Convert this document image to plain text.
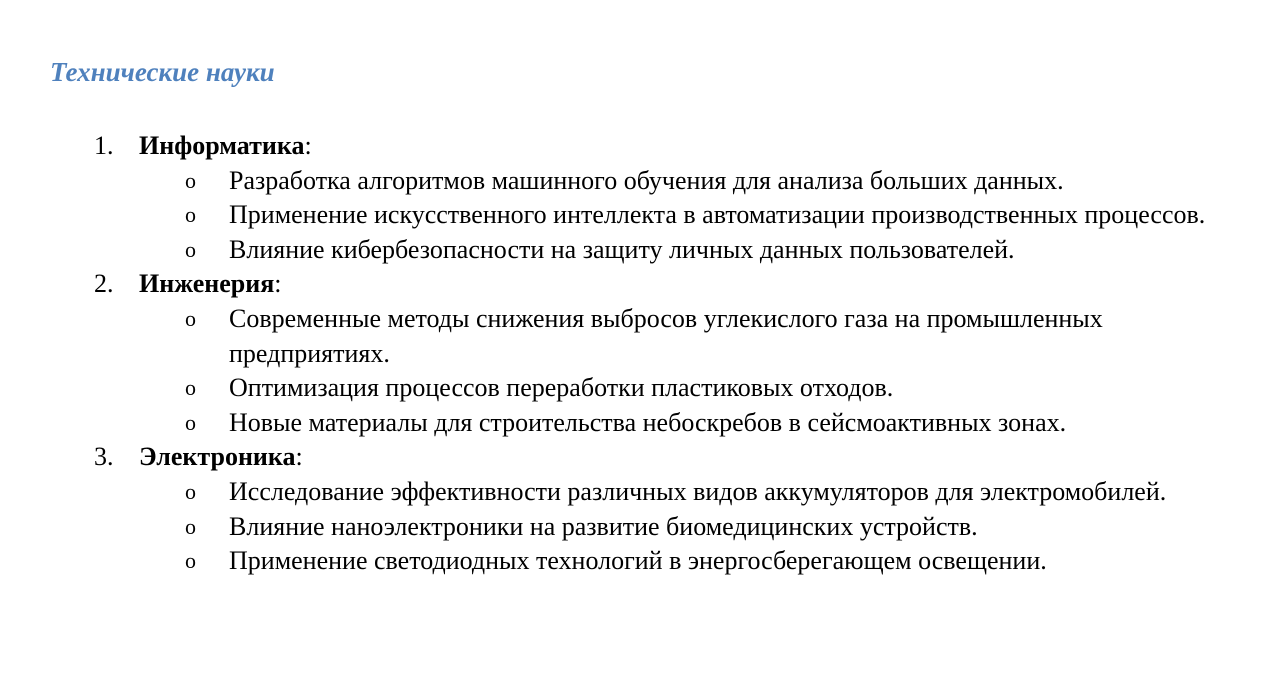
Технические науки
1. Информатика:
o Разработка алгоритмов машинного обучения для анализа больших данных.
o Применение искусственного интеллекта в автоматизации производственных процессов.
o Влияние кибербезопасности на защиту личных данных пользователей.
2. Инженерия:
o Современные методы снижения выбросов углекислого газа на промышленных предприятиях.
o Оптимизация процессов переработки пластиковых отходов.
o Новые материалы для строительства небоскребов в сейсмоактивных зонах.
3. Электроника:
o Исследование эффективности различных видов аккумуляторов для электромобилей.
o Влияние наноэлектроники на развитие биомедицинских устройств.
o Применение светодиодных технологий в энергосберегающем освещении.
